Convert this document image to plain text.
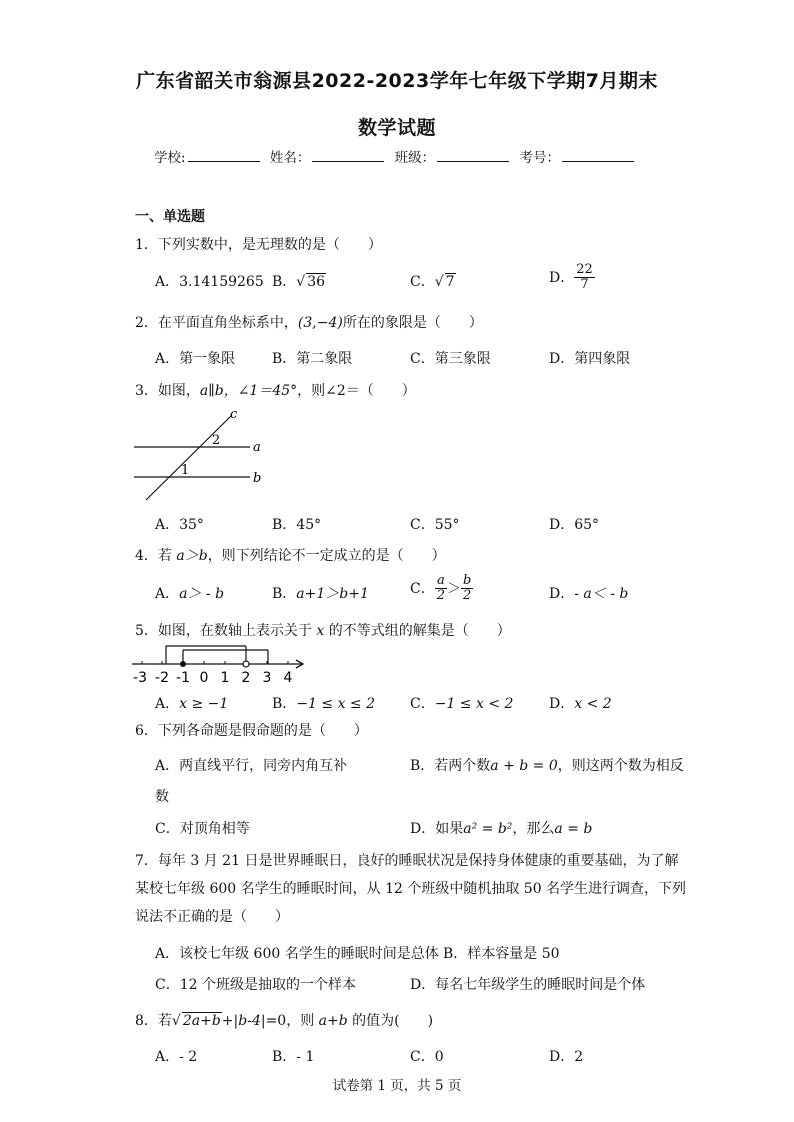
广东省韶关市翁源县2022-2023学年七年级下学期7月期末
数学试题
学校:	姓名：	班级：	考号：
一、单选题
1．下列实数中，是无理数的是（　　）
A．3.14159265 B．√ 36	C．√ 7	D． $\frac{22}{7}$
2．在平面直角坐标系中，(3,−4)所在的象限是（　　）
A．第一象限	B．第二象限	C．第三象限	D．第四象限
3．如图，a∥b，∠1＝45°，则∠2＝（　　）
c
a
b
2
1
A．35°	B．45°	C．55°	D．65°
4．若 a＞b，则下列结论不一定成立的是（　　）
A．a＞ - b	B．a+1＞b+1	C． $\frac{a}{2} > \frac{b}{2}$	D．- a＜ - b
5．如图，在数轴上表示关于 x 的不等式组的解集是（　　）
-3 -2 -1 0 1 2 3 4
A．x ≥ −1	B．−1 ≤ x ≤ 2	C．−1 ≤ x < 2	D．x < 2
6．下列各命题是假命题的是（　　）
A．两直线平行，同旁内角互补	B．若两个数a + b = 0，则这两个数为相反
数
C．对顶角相等	D．如果a² = b²，那么a = b
7．每年 3 月 21 日是世界睡眠日，良好的睡眠状况是保持身体健康的重要基础，为了解
某校七年级 600 名学生的睡眠时间，从 12 个班级中随机抽取 50 名学生进行调查，下列
说法不正确的是（　　）
A．该校七年级 600 名学生的睡眠时间是总体 B．样本容量是 50
C．12 个班级是抽取的一个样本	D．每名七年级学生的睡眠时间是个体
8．若√ 2a+b+|b-4|=0，则 a+b 的值为(　　)
A．- 2	B．- 1	C．0	D．2
试卷第 1 页，共 5 页
